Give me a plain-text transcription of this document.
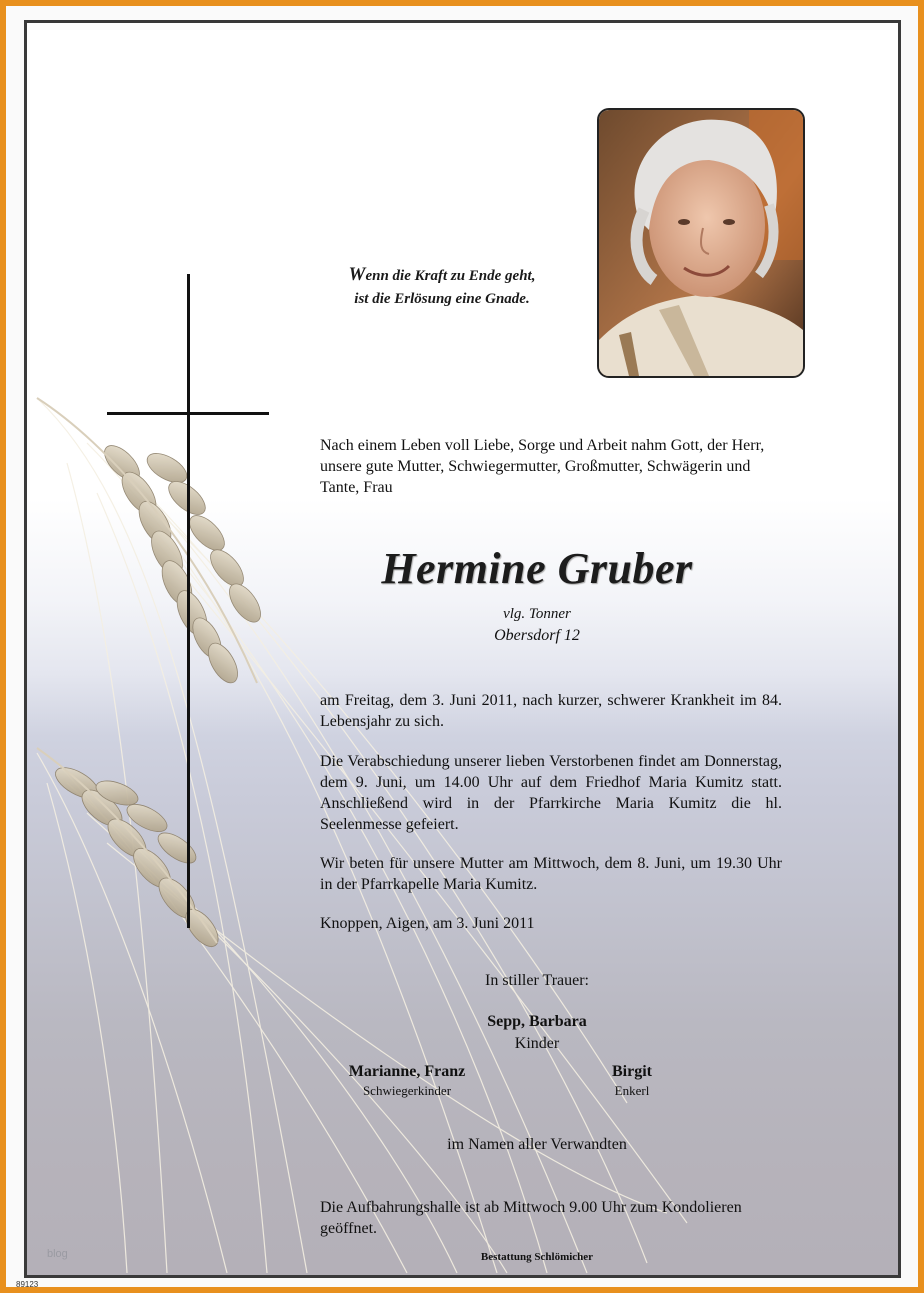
Wenn die Kraft zu Ende geht,
ist die Erlösung eine Gnade.
Nach einem Leben voll Liebe, Sorge und Arbeit nahm Gott, der Herr, unsere gute Mutter, Schwiegermutter, Großmutter, Schwägerin und Tante, Frau
Hermine Gruber
vlg. Tonner
Obersdorf 12
am Freitag, dem 3. Juni 2011, nach kurzer, schwerer Krankheit im 84. Lebensjahr zu sich.
Die Verabschiedung unserer lieben Verstorbenen findet am Donnerstag, dem 9. Juni, um 14.00 Uhr auf dem Friedhof Maria Kumitz statt. Anschließend wird in der Pfarrkirche Maria Kumitz die hl. Seelenmesse gefeiert.
Wir beten für unsere Mutter am Mittwoch, dem 8. Juni, um 19.30 Uhr in der Pfarrkapelle Maria Kumitz.
Knoppen, Aigen, am 3. Juni 2011
In stiller Trauer:
Sepp, Barbara
Kinder
Marianne, Franz
Schwiegerkinder
Birgit
Enkerl
im Namen aller Verwandten
Die Aufbahrungshalle ist ab Mittwoch 9.00 Uhr zum Kondolieren geöffnet.
Bestattung Schlömicher
blog
89123
